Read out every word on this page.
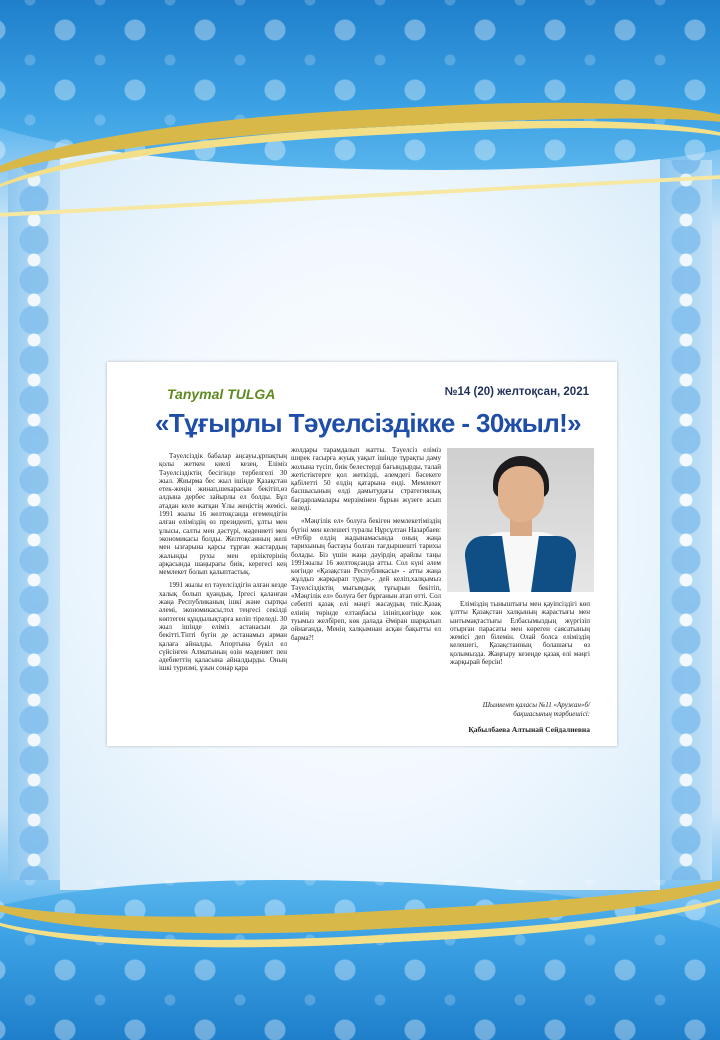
Tanymal TULGA	№14 (20) желтоқсан, 2021
«Тұғырлы Тәуелсіздікке - 30жыл!»

Тәуелсіздік бабалар аңсауы,ұрпақтың қолы жеткен киелі кезең. Еліміз Тәуелсіздіктің бесігінде тербелгелі 30 жыл. Жиырма бес жыл ішінде Қазақстан етек-жеңін жинап,шекарасын бекітіп,өз алдына дербес зайырлы ел болды. Бұл атадан келе жатқан Ұлы жеңістің жемісі. 1991 жылы 16 желтоқсанда егемендігін алған еліміздің өз президенті, ұлты мен ұлысы, салты мен дәстүрі, мәдениеті мен экономикасы болды. Желтоқсанның желі мен ызғарына қарсы тұрған жастардың жалынды рухы мен ерліктерінің арқасында шаңырағы биік, керегесі кең мемлекет болып қалыптастық.

1991 жылы ел тәуелсіздігін алған кезде халық болып қуандық. Іргесі қаланған жаңа Республиканың ішкі және сыртқы әлемі, экономикасы,тол теңгесі секілді көптеген құндылықтарға келіп тіреледі. 30 жыл ішінде еліміз астанасын да бекітті.Тіпті бүгін де астанамыз арман қалаға айналды. Апортына бүкіл ел сүйсінген Алматының өзін мәдениет пен әдебиеттің қаласына айналдырды. Оның ішкі туризмі, ұзын сонар қара

жолдары тарамдалып жатты. Тәуелсіз еліміз ширек ғасырға жуық уақыт ішінде тұрақты даму жолына түсіп, биік белестерді бағындырды, талай жетістіктерге қол жеткізді, әлемдегі бәсекеге қабілетті 50 елдің қатарына енді. Мемлекет басшысының елді дамытудағы стратегиялық бағдарламалары мерзімінен бұрын жүзеге асып келеді.

«Мәңгілік ел» болуға бекіген мемлекетіміздің бүгіні мен келешегі туралы Нұрсұлтан Назарбаев: «Өтбір елдің жадынамасында оның жаңа тарихының бастауы болған тағдыршешті тарихы болады. Біз үшін жаңа дәуірдің арайлы таңы 1991жылы 16 желтоқсанда атты. Сол күні әлем көгінде «Қазақстан Республикасы» - атты жаңа жұлдыз жарқырап туды»,- дей келіп,халқымыз Тәуелсіздіктің мығымдық тұғырын бекітіп, «Мәңгілік ел» болуға бет бұрғанын атап өтті. Сол себепті қазақ елі мәңгі жасаудың тиіс.Қазақ елінің төрінде елтаңбасы ілініп,көгінде көк туымыз желбіреп, көк далада Әміран шарқалып ойнағанда, Менің халқымнан асқан бақытты ел барма?!

Елімiздің тыныштығы мен қауіпсіздігі көп ұлтты Қазақстан халқының жарастығы мен ынтымақтастығы Елбасымыздың жүргізіп отырған парасаты мен көреген саясатының жемісі деп білемін. Олай болса еліміздің келешегі, Қазақстанның болашағы өз қолымызда. Жаңғыру кезеңде қазақ елі мәңгі жарқырай берсін!

Шымкент қаласы №11 «Аружан»б/бақшасының тәрбиешісі:
Қабылбаева Алтынай Сейдалиевна
